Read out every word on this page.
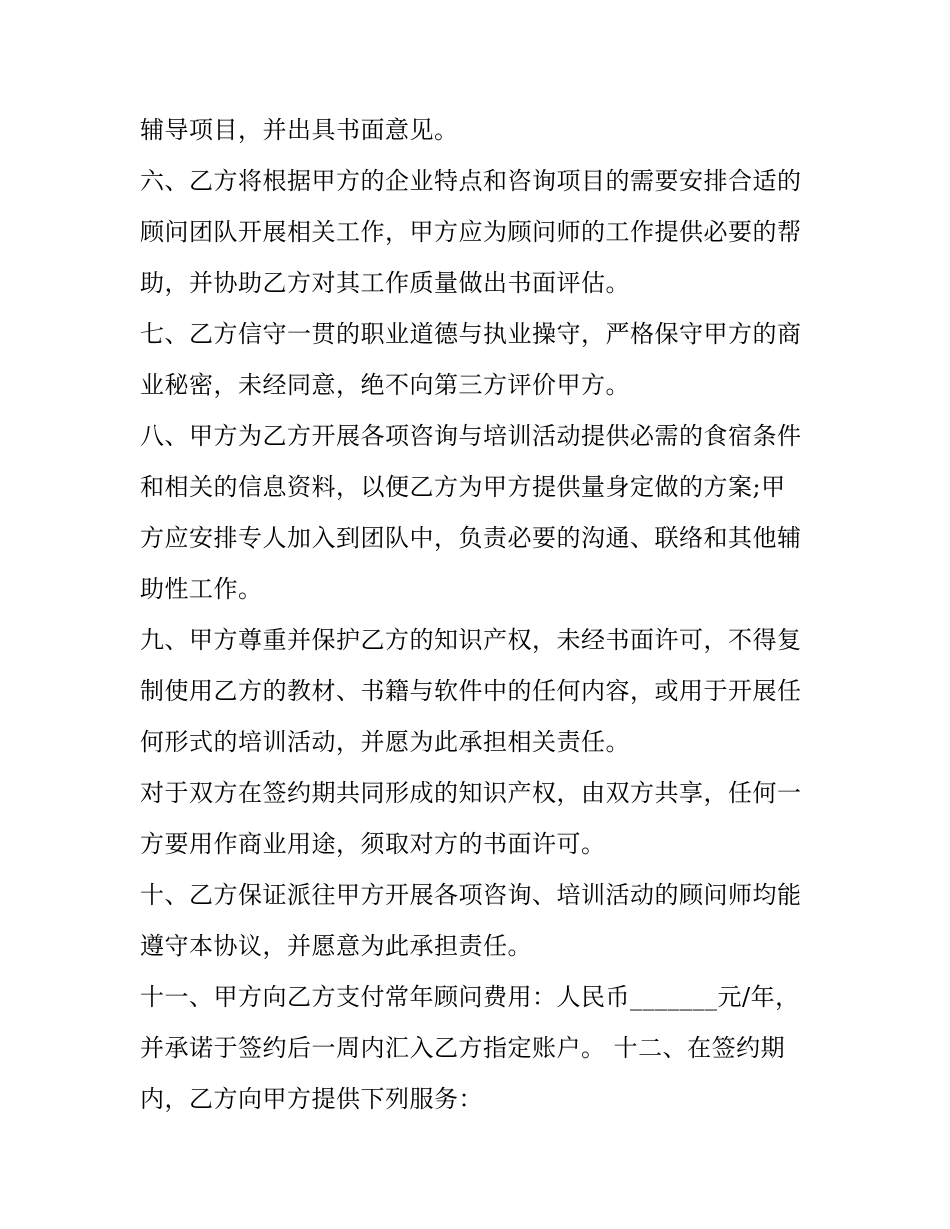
辅导项目，并出具书面意见。
六、乙方将根据甲方的企业特点和咨询项目的需要安排合适的
顾问团队开展相关工作，甲方应为顾问师的工作提供必要的帮
助，并协助乙方对其工作质量做出书面评估。
七、乙方信守一贯的职业道德与执业操守，严格保守甲方的商
业秘密，未经同意，绝不向第三方评价甲方。
八、甲方为乙方开展各项咨询与培训活动提供必需的食宿条件
和相关的信息资料，以便乙方为甲方提供量身定做的方案;甲
方应安排专人加入到团队中，负责必要的沟通、联络和其他辅
助性工作。
九、甲方尊重并保护乙方的知识产权，未经书面许可，不得复
制使用乙方的教材、书籍与软件中的任何内容，或用于开展任
何形式的培训活动，并愿为此承担相关责任。
对于双方在签约期共同形成的知识产权，由双方共享，任何一
方要用作商业用途，须取对方的书面许可。
十、乙方保证派往甲方开展各项咨询、培训活动的顾问师均能
遵守本协议，并愿意为此承担责任。
十一、甲方向乙方支付常年顾问费用：人民币_______元/年，
并承诺于签约后一周内汇入乙方指定账户。 十二、在签约期
内，乙方向甲方提供下列服务：
